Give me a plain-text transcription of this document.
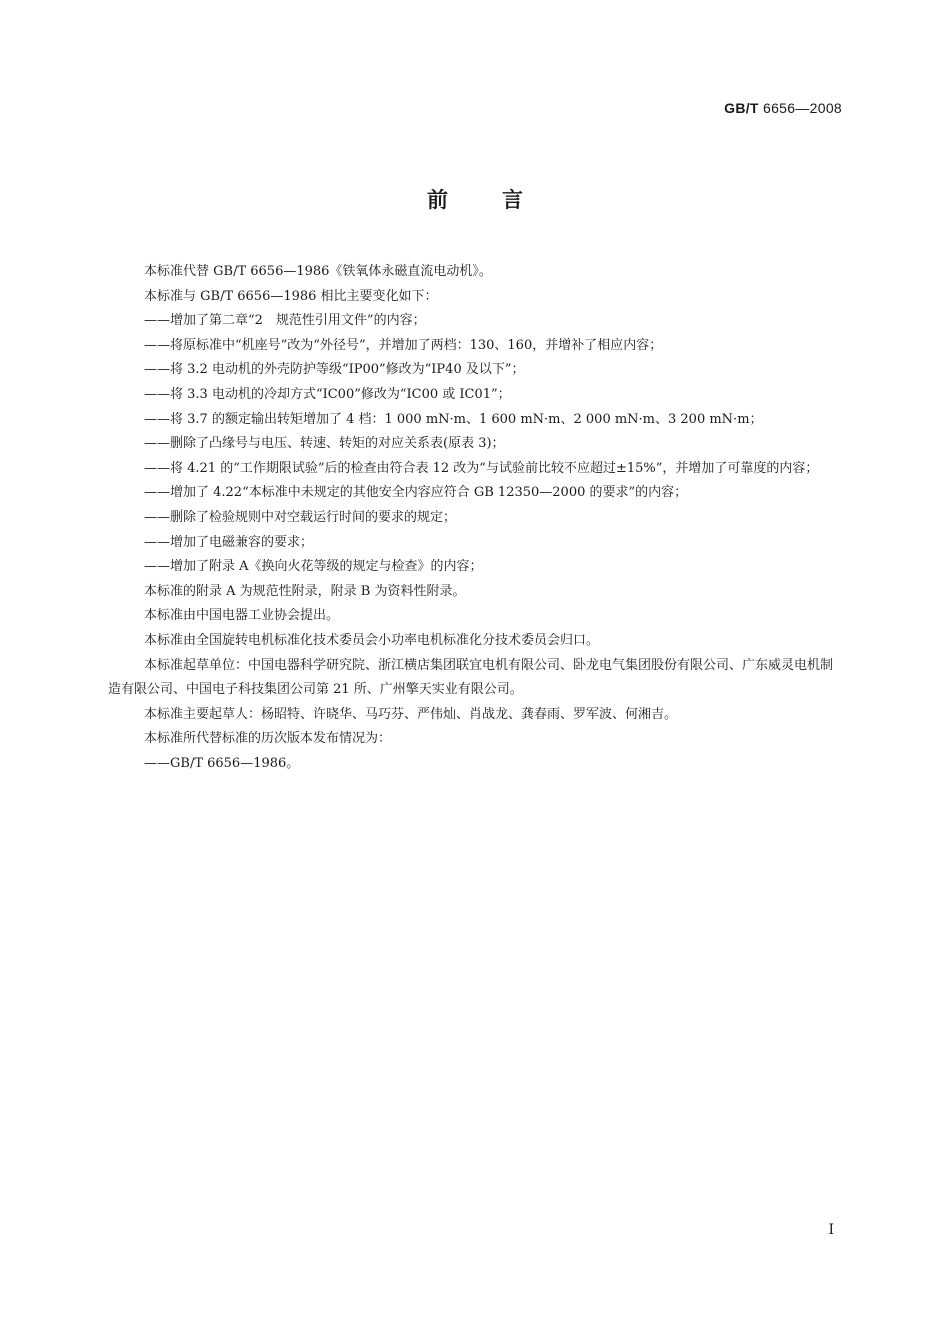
GB/T 6656—2008
前言

本标准代替 GB/T 6656—1986《铁氧体永磁直流电动机》。

本标准与 GB/T 6656—1986 相比主要变化如下：

——增加了第二章“2　规范性引用文件”的内容；

——将原标准中“机座号”改为“外径号”，并增加了两档：130、160，并增补了相应内容；

——将 3.2 电动机的外壳防护等级“IP00”修改为“IP40 及以下”；

——将 3.3 电动机的冷却方式“IC00”修改为“IC00 或 IC01”；

——将 3.7 的额定输出转矩增加了 4 档：1 000 mN·m、1 600 mN·m、2 000 mN·m、3 200 mN·m；

——删除了凸缘号与电压、转速、转矩的对应关系表(原表 3)；

——将 4.21 的“工作期限试验”后的检查由符合表 12 改为“与试验前比较不应超过±15%”，并增加了可靠度的内容；

——增加了 4.22“本标准中未规定的其他安全内容应符合 GB 12350—2000 的要求”的内容；

——删除了检验规则中对空载运行时间的要求的规定；

——增加了电磁兼容的要求；

——增加了附录 A《换向火花等级的规定与检查》的内容；

本标准的附录 A 为规范性附录，附录 B 为资料性附录。

本标准由中国电器工业协会提出。

本标准由全国旋转电机标准化技术委员会小功率电机标准化分技术委员会归口。

本标准起草单位：中国电器科学研究院、浙江横店集团联宜电机有限公司、卧龙电气集团股份有限公司、广东威灵电机制造有限公司、中国电子科技集团公司第 21 所、广州擎天实业有限公司。

本标准主要起草人：杨昭特、许晓华、马巧芬、严伟灿、肖战龙、龚春雨、罗军波、何湘吉。

本标准所代替标准的历次版本发布情况为：

——GB/T 6656—1986。

I
